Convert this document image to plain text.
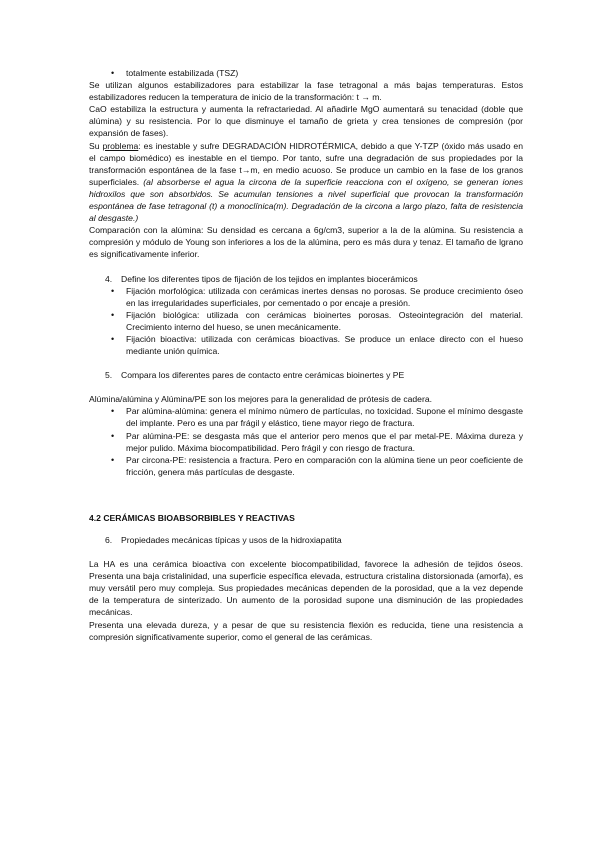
• totalmente estabilizada (TSZ)

Se utilizan algunos estabilizadores para estabilizar la fase tetragonal a más bajas temperaturas. Estos estabilizadores reducen la temperatura de inicio de la transformación: t → m.

CaO estabiliza la estructura y aumenta la refractariedad. Al añadirle MgO aumentará su tenacidad (doble que alúmina) y su resistencia. Por lo que disminuye el tamaño de grieta y crea tensiones de compresión (por expansión de fases).

Su problema: es inestable y sufre DEGRADACIÓN HIDROTÉRMICA, debido a que Y-TZP (óxido más usado en el campo biomédico) es inestable en el tiempo. Por tanto, sufre una degradación de sus propiedades por la transformación espontánea de la fase t→m, en medio acuoso. Se produce un cambio en la fase de los granos superficiales. (al absorberse el agua la circona de la superficie reacciona con el oxígeno, se generan iones hidroxilos que son absorbidos. Se acumulan tensiones a nivel superficial que provocan la transformación espontánea de fase tetragonal (t) a monoclínica(m). Degradación de la circona a largo plazo, falta de resistencia al desgaste.)

Comparación con la alúmina: Su densidad es cercana a 6g/cm3, superior a la de la alúmina. Su resistencia a compresión y módulo de Young son inferiores a los de la alúmina, pero es más dura y tenaz. El tamaño de lgrano es significativamente inferior.

4. Define los diferentes tipos de fijación de los tejidos en implantes biocerámicos

• Fijación morfológica: utilizada con cerámicas inertes densas no porosas. Se produce crecimiento óseo en las irregularidades superficiales, por cementado o por encaje a presión.
• Fijación biológica: utilizada con cerámicas bioinertes porosas. Osteointegración del material. Crecimiento interno del hueso, se unen mecánicamente.
• Fijación bioactiva: utilizada con cerámicas bioactivas. Se produce un enlace directo con el hueso mediante unión química.

5. Compara los diferentes pares de contacto entre cerámicas bioinertes y PE

Alúmina/alúmina y Alúmina/PE son los mejores para la generalidad de prótesis de cadera.

• Par alúmina-alúmina: genera el mínimo número de partículas, no toxicidad. Supone el mínimo desgaste del implante. Pero es una par frágil y elástico, tiene mayor riego de fractura.
• Par alúmina-PE: se desgasta más que el anterior pero menos que el par metal-PE. Máxima dureza y mejor pulido. Máxima biocompatibilidad. Pero frágil y con riesgo de fractura.
• Par circona-PE: resistencia a fractura. Pero en comparación con la alúmina tiene un peor coeficiente de fricción, genera más partículas de desgaste.

4.2 CERÁMICAS BIOABSORBIBLES Y REACTIVAS

6. Propiedades mecánicas típicas y usos de la hidroxiapatita

La HA es una cerámica bioactiva con excelente biocompatibilidad, favorece la adhesión de tejidos óseos. Presenta una baja cristalinidad, una superficie específica elevada, estructura cristalina distorsionada (amorfa), es muy versátil pero muy compleja. Sus propiedades mecánicas dependen de la porosidad, que a la vez depende de la temperatura de sinterizado. Un aumento de la porosidad supone una disminución de las propiedades mecánicas.

Presenta una elevada dureza, y a pesar de que su resistencia flexión es reducida, tiene una resistencia a compresión significativamente superior, como el general de las cerámicas.
